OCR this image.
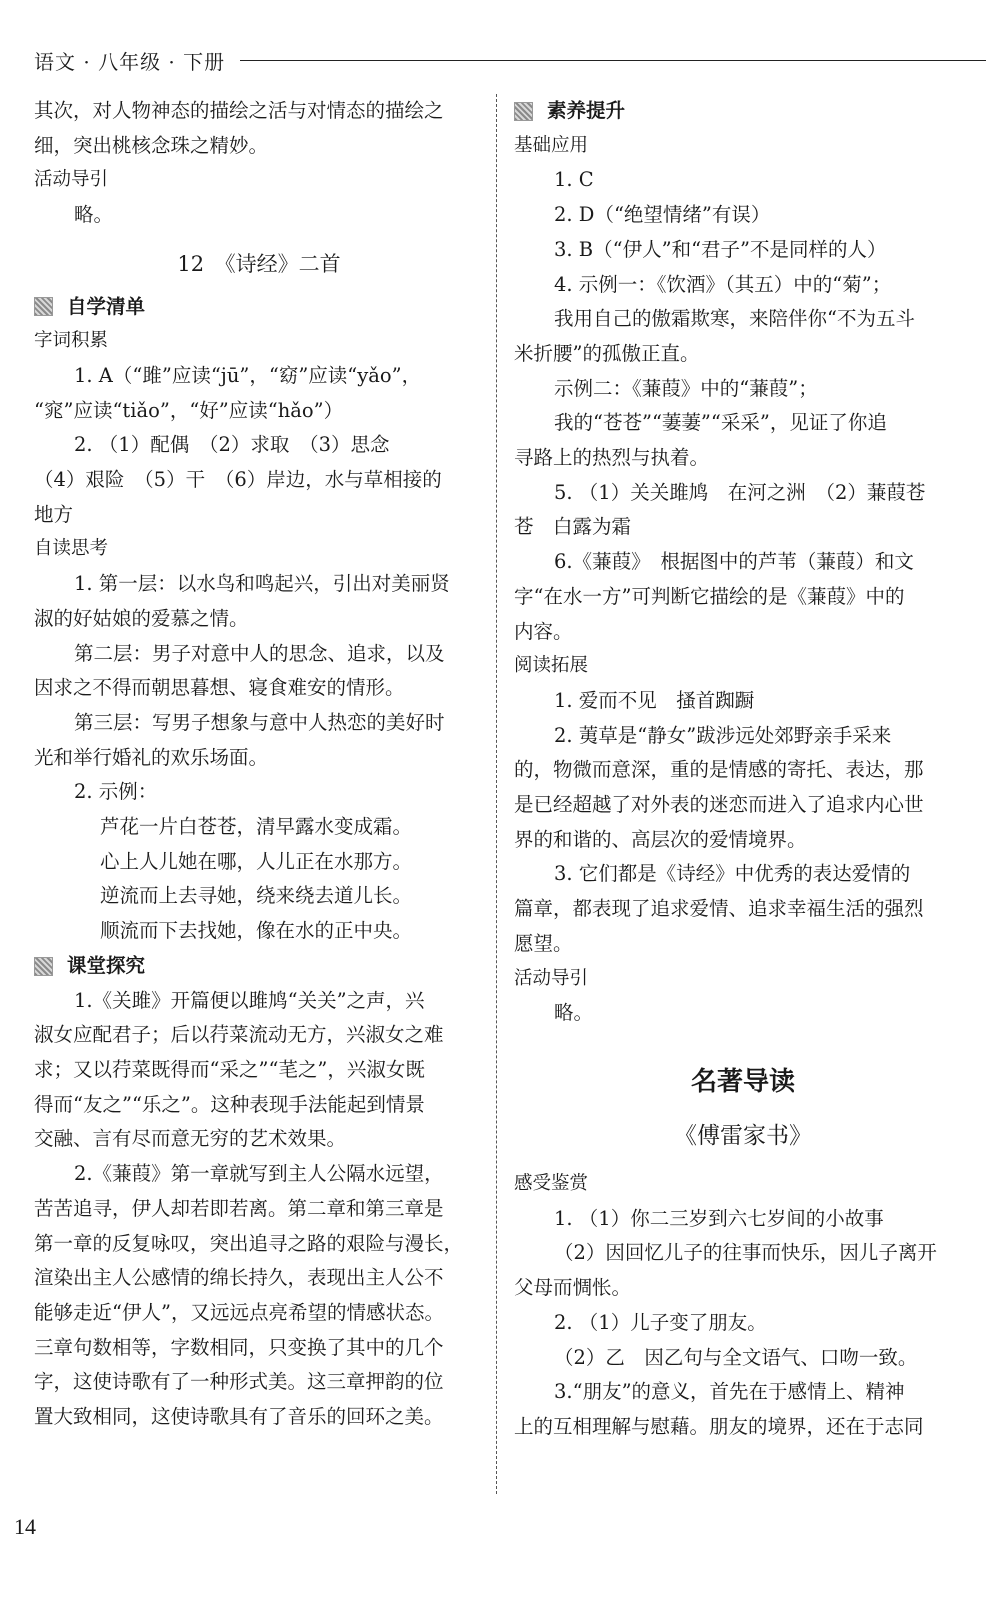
语文 · 八年级 · 下册

其次，对人物神态的描绘之活与对情态的描绘之

细，突出桃核念珠之精妙。

活动导引

略。

12　《诗经》二首

自学清单

字词积累

1. A（“雎”应读“jū”，“窈”应读“yǎo”，

“窕”应读“tiǎo”，“好”应读“hǎo”）

2. （1）配偶　（2）求取　（3）思念

（4）艰险　（5）干　（6）岸边，水与草相接的

地方

自读思考

1. 第一层：以水鸟和鸣起兴，引出对美丽贤

淑的好姑娘的爱慕之情。

第二层：男子对意中人的思念、追求，以及

因求之不得而朝思暮想、寝食难安的情形。

第三层：写男子想象与意中人热恋的美好时

光和举行婚礼的欢乐场面。

2. 示例：

芦花一片白苍苍，清早露水变成霜。

心上人儿她在哪，人儿正在水那方。

逆流而上去寻她，绕来绕去道儿长。

顺流而下去找她，像在水的正中央。

课堂探究

1.《关雎》开篇便以雎鸠“关关”之声，兴

淑女应配君子；后以荇菜流动无方，兴淑女之难

求；又以荇菜既得而“采之”“芼之”，兴淑女既

得而“友之”“乐之”。这种表现手法能起到情景

交融、言有尽而意无穷的艺术效果。

2.《蒹葭》第一章就写到主人公隔水远望，

苦苦追寻，伊人却若即若离。第二章和第三章是

第一章的反复咏叹，突出追寻之路的艰险与漫长，

渲染出主人公感情的绵长持久，表现出主人公不

能够走近“伊人”，又远远点亮希望的情感状态。

三章句数相等，字数相同，只变换了其中的几个

字，这使诗歌有了一种形式美。这三章押韵的位

置大致相同，这使诗歌具有了音乐的回环之美。

素养提升

基础应用

1. C

2. D（“绝望情绪”有误）

3. B（“伊人”和“君子”不是同样的人）

4. 示例一：《饮酒》（其五）中的“菊”；

我用自己的傲霜欺寒，来陪伴你“不为五斗

米折腰”的孤傲正直。

示例二：《蒹葭》中的“蒹葭”；

我的“苍苍”“萋萋”“采采”，见证了你追

寻路上的热烈与执着。

5. （1）关关雎鸠　在河之洲　（2）蒹葭苍

苍　白露为霜

6.《蒹葭》　根据图中的芦苇（蒹葭）和文

字“在水一方”可判断它描绘的是《蒹葭》中的

内容。

阅读拓展

1. 爱而不见　搔首踟蹰

2. 荑草是“静女”跋涉远处郊野亲手采来

的，物微而意深，重的是情感的寄托、表达，那

是已经超越了对外表的迷恋而进入了追求内心世

界的和谐的、高层次的爱情境界。

3. 它们都是《诗经》中优秀的表达爱情的

篇章，都表现了追求爱情、追求幸福生活的强烈

愿望。

活动导引

略。

名著导读

《傅雷家书》

感受鉴赏

1. （1）你二三岁到六七岁间的小故事

（2）因回忆儿子的往事而快乐，因儿子离开

父母而惆怅。

2. （1）儿子变了朋友。

（2）乙　因乙句与全文语气、口吻一致。

3.“朋友”的意义，首先在于感情上、精神

上的互相理解与慰藉。朋友的境界，还在于志同

14
